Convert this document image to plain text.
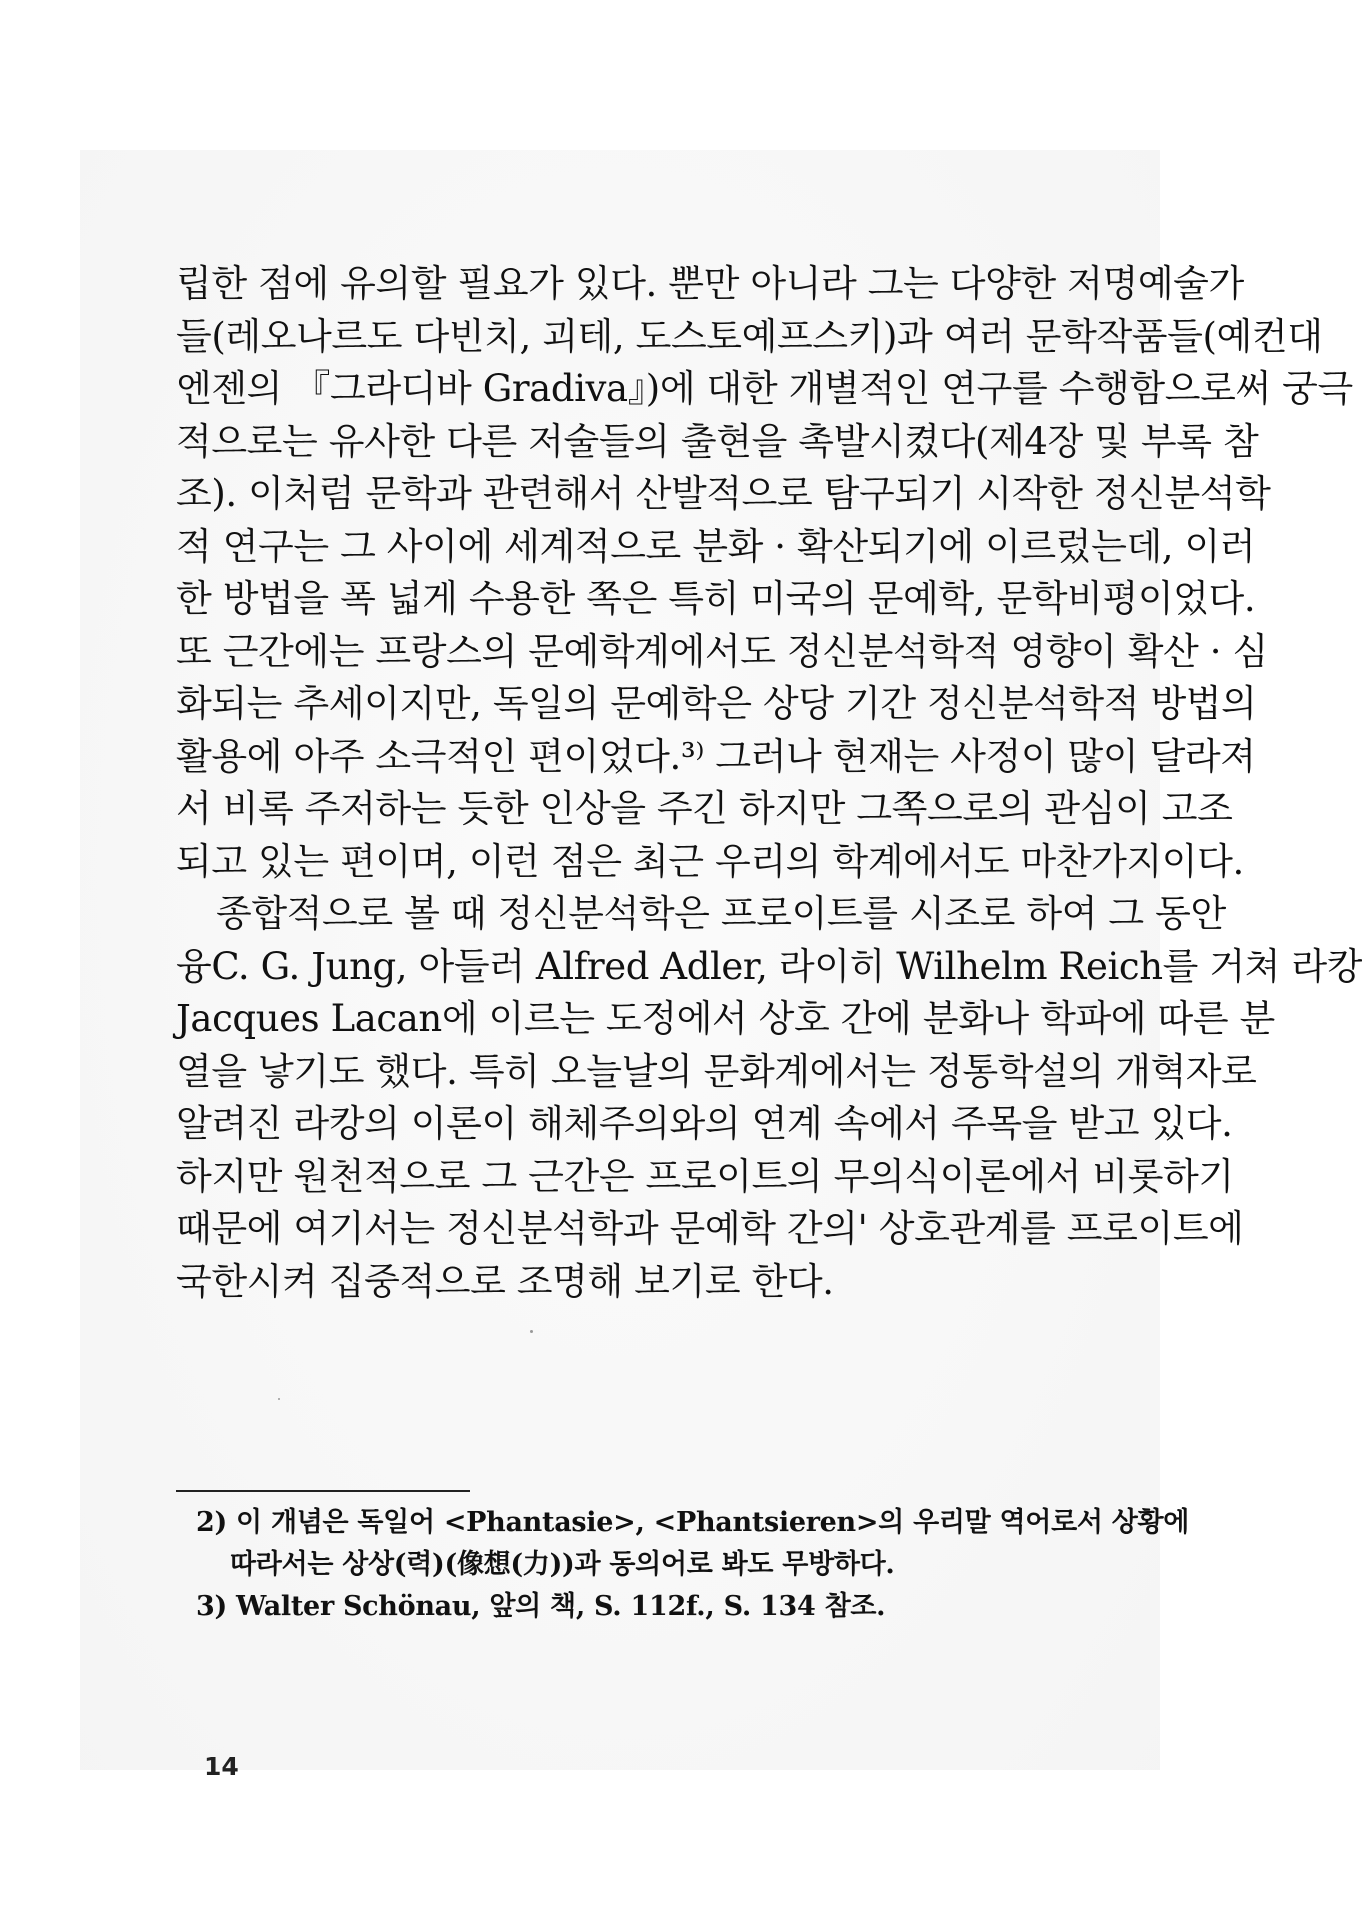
립한 점에 유의할 필요가 있다. 뿐만 아니라 그는 다양한 저명예술가
들(레오나르도 다빈치, 괴테, 도스토예프스키)과 여러 문학작품들(예컨대
엔젠의 『그라디바 Gradiva』)에 대한 개별적인 연구를 수행함으로써 궁극
적으로는 유사한 다른 저술들의 출현을 촉발시켰다(제4장 및 부록 참
조). 이처럼 문학과 관련해서 산발적으로 탐구되기 시작한 정신분석학
적 연구는 그 사이에 세계적으로 분화 · 확산되기에 이르렀는데, 이러
한 방법을 폭 넓게 수용한 쪽은 특히 미국의 문예학, 문학비평이었다.
또 근간에는 프랑스의 문예학계에서도 정신분석학적 영향이 확산 · 심
화되는 추세이지만, 독일의 문예학은 상당 기간 정신분석학적 방법의
활용에 아주 소극적인 편이었다.³⁾ 그러나 현재는 사정이 많이 달라져
서 비록 주저하는 듯한 인상을 주긴 하지만 그쪽으로의 관심이 고조
되고 있는 편이며, 이런 점은 최근 우리의 학계에서도 마찬가지이다.
종합적으로 볼 때 정신분석학은 프로이트를 시조로 하여 그 동안
융C. G. Jung, 아들러 Alfred Adler, 라이히 Wilhelm Reich를 거쳐 라캉
Jacques Lacan에 이르는 도정에서 상호 간에 분화나 학파에 따른 분
열을 낳기도 했다. 특히 오늘날의 문화계에서는 정통학설의 개혁자로
알려진 라캉의 이론이 해체주의와의 연계 속에서 주목을 받고 있다.
하지만 원천적으로 그 근간은 프로이트의 무의식이론에서 비롯하기
때문에 여기서는 정신분석학과 문예학 간의' 상호관계를 프로이트에
국한시켜 집중적으로 조명해 보기로 한다.
2) 이 개념은 독일어 <Phantasie>, <Phantsieren>의 우리말 역어로서 상황에
따라서는 상상(력)(像想(力))과 동의어로 봐도 무방하다.
3) Walter Schönau, 앞의 책, S. 112f., S. 134 참조.
14
